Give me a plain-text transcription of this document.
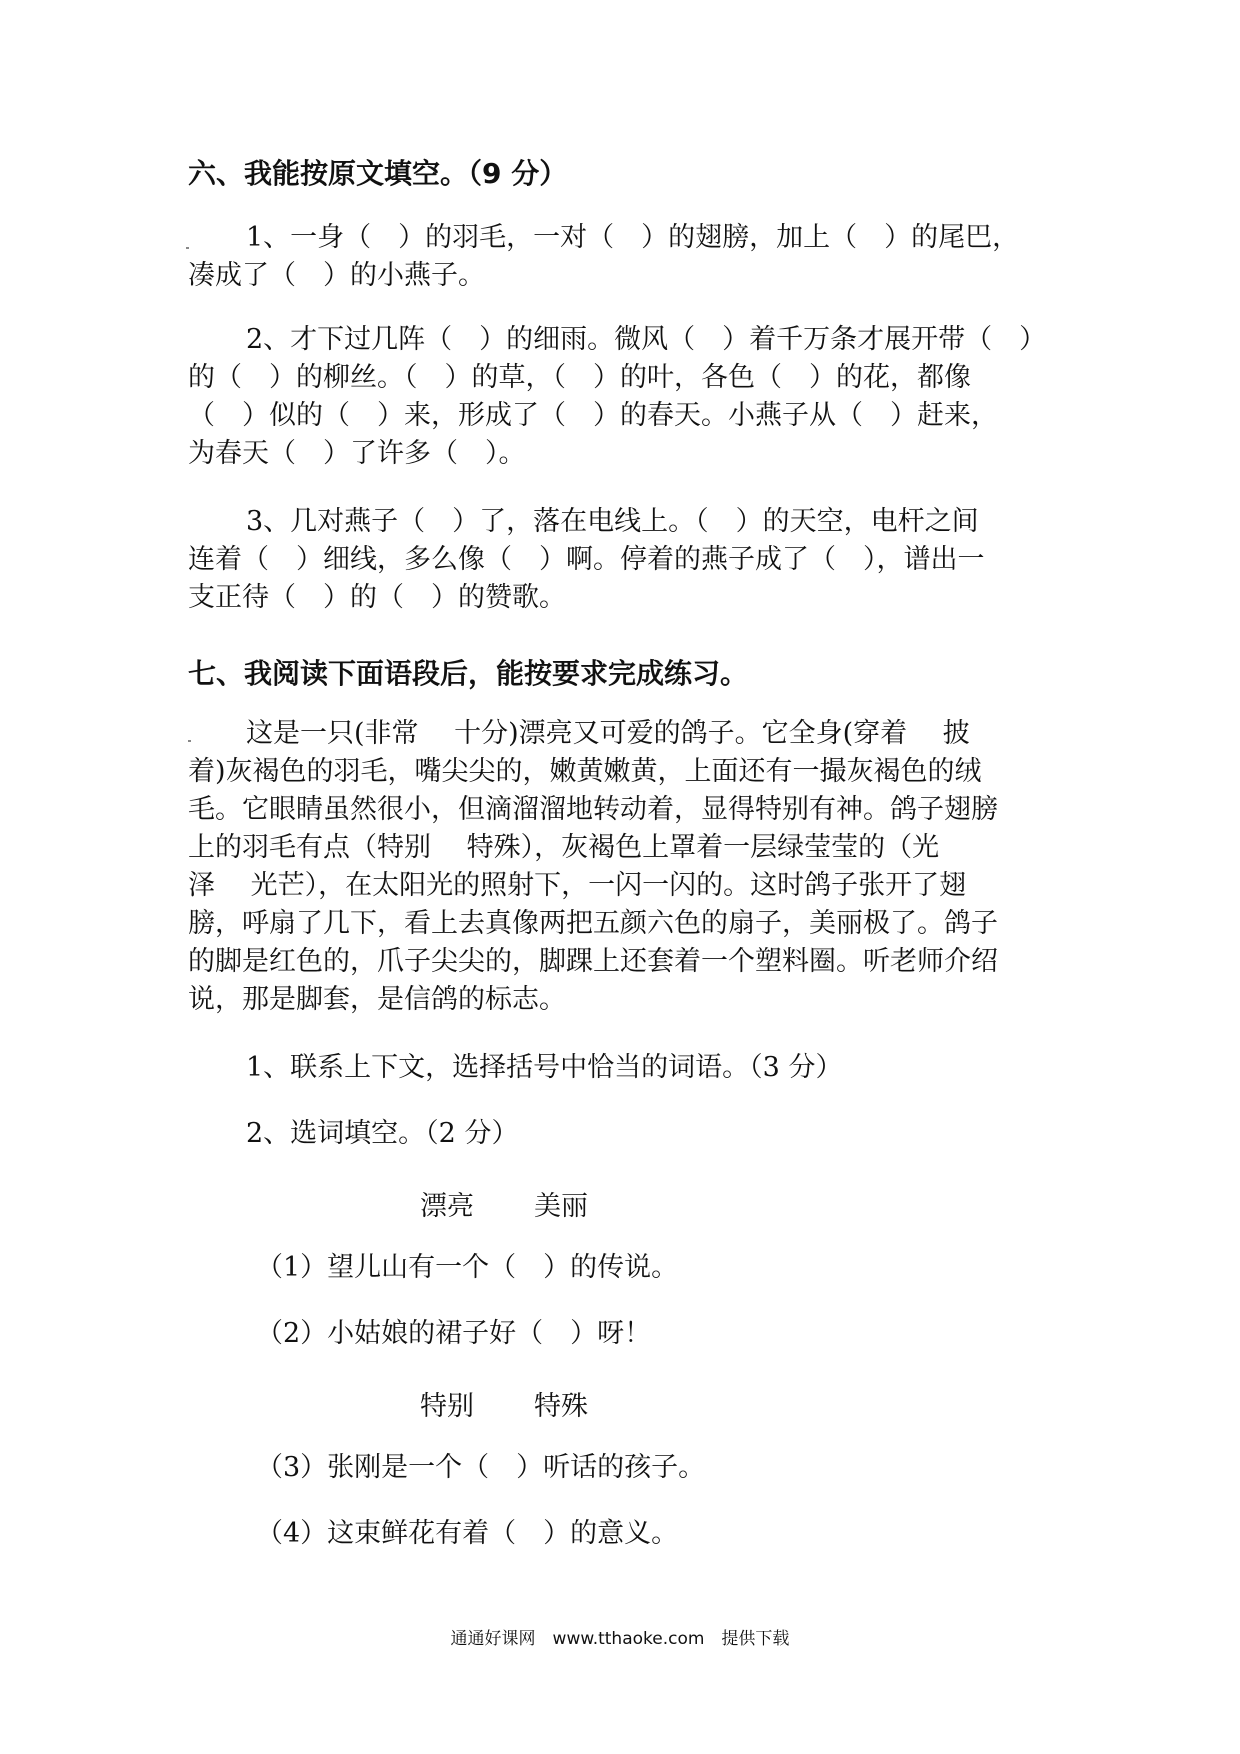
六、我能按原文填空。（9 分）
1、一身（　）的羽毛，一对（　）的翅膀，加上（　）的尾巴，
凑成了（　）的小燕子。
2、才下过几阵（　）的细雨。微风（　）着千万条才展开带（　）
的（　）的柳丝。（　）的草，（　）的叶，各色（　）的花，都像
（　）似的（　）来，形成了（　）的春天。小燕子从（　）赶来，
为春天（　）了许多（　）。
3、几对燕子（　）了，落在电线上。（　）的天空，电杆之间
连着（　）细线，多么像（　）啊。停着的燕子成了（　），谱出一
支正待（　）的（　）的赞歌。
七、我阅读下面语段后，能按要求完成练习。
这是一只(非常　 十分)漂亮又可爱的鸽子。它全身(穿着　 披
着)灰褐色的羽毛，嘴尖尖的，嫩黄嫩黄，上面还有一撮灰褐色的绒
毛。它眼睛虽然很小，但滴溜溜地转动着，显得特别有神。鸽子翅膀
上的羽毛有点（特别　 特殊），灰褐色上罩着一层绿莹莹的（光
泽　 光芒），在太阳光的照射下，一闪一闪的。这时鸽子张开了翅
膀，呼扇了几下，看上去真像两把五颜六色的扇子，美丽极了。鸽子
的脚是红色的，爪子尖尖的，脚踝上还套着一个塑料圈。听老师介绍
说，那是脚套，是信鸽的标志。
1、联系上下文，选择括号中恰当的词语。（3 分）
2、选词填空。（2 分）
漂亮 美丽
（1）望儿山有一个（　）的传说。
（2）小姑娘的裙子好（　）呀！
特别 特殊
（3）张刚是一个（　）听话的孩子。
（4）这束鲜花有着（　）的意义。
通通好课网　www.tthaoke.com　提供下载
